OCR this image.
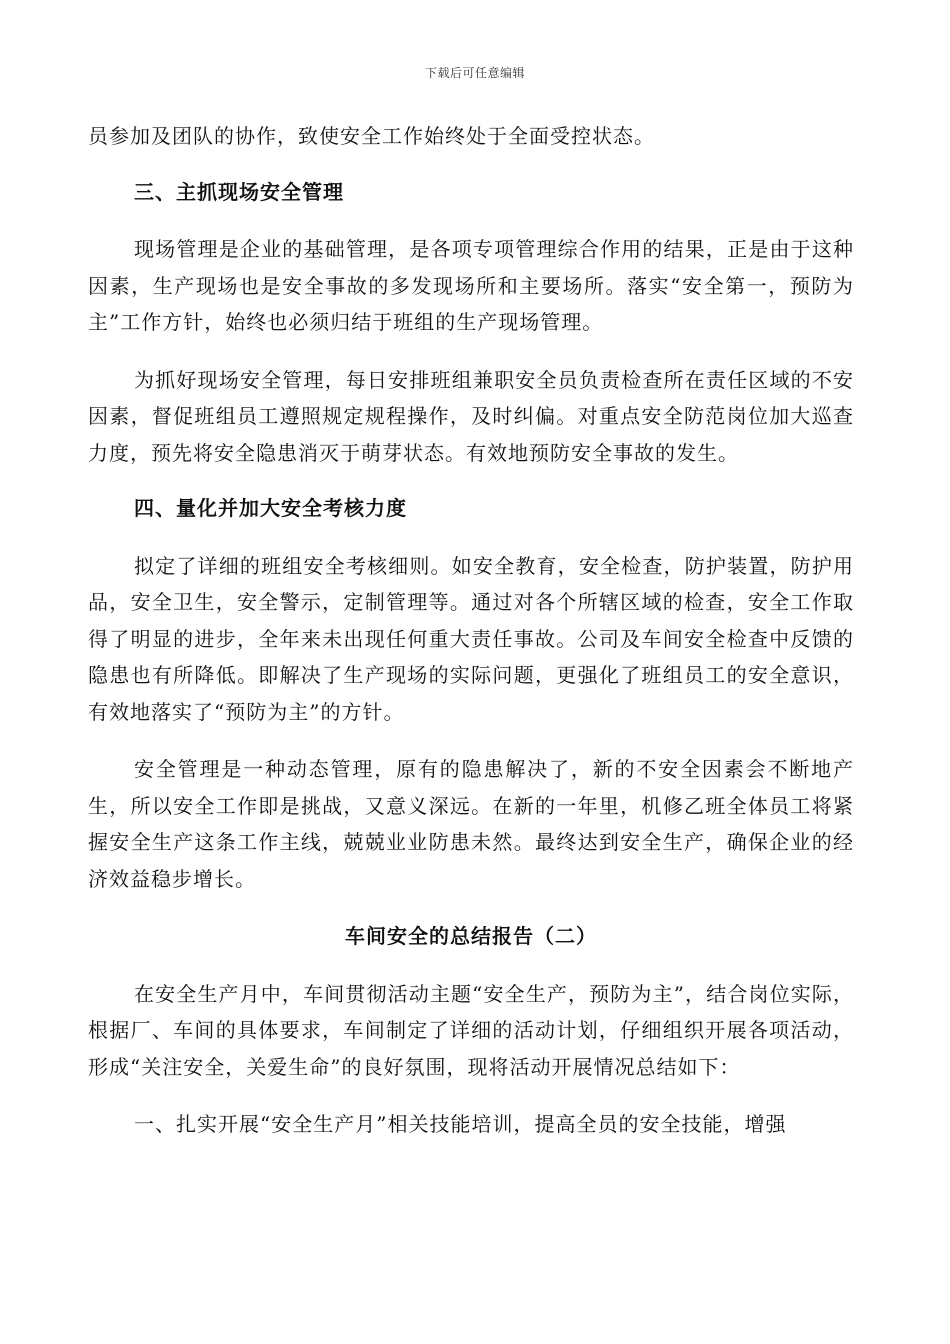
下载后可任意编辑

员参加及团队的协作，致使安全工作始终处于全面受控状态。

三、主抓现场安全管理

现场管理是企业的基础管理，是各项专项管理综合作用的结果，正是由于这种因素，生产现场也是安全事故的多发现场所和主要场所。落实“安全第一，预防为主”工作方针，始终也必须归结于班组的生产现场管理。

为抓好现场安全管理，每日安排班组兼职安全员负责检查所在责任区域的不安因素，督促班组员工遵照规定规程操作，及时纠偏。对重点安全防范岗位加大巡查力度，预先将安全隐患消灭于萌芽状态。有效地预防安全事故的发生。

四、量化并加大安全考核力度

拟定了详细的班组安全考核细则。如安全教育，安全检查，防护装置，防护用品，安全卫生，安全警示，定制管理等。通过对各个所辖区域的检查，安全工作取得了明显的进步，全年来未出现任何重大责任事故。公司及车间安全检查中反馈的隐患也有所降低。即解决了生产现场的实际问题，更强化了班组员工的安全意识，有效地落实了“预防为主”的方针。

安全管理是一种动态管理，原有的隐患解决了，新的不安全因素会不断地产生，所以安全工作即是挑战，又意义深远。在新的一年里，机修乙班全体员工将紧握安全生产这条工作主线，兢兢业业防患未然。最终达到安全生产，确保企业的经济效益稳步增长。

车间安全的总结报告（二）

在安全生产月中，车间贯彻活动主题“安全生产，预防为主”，结合岗位实际，根据厂、车间的具体要求，车间制定了详细的活动计划，仔细组织开展各项活动，形成“关注安全，关爱生命”的良好氛围，现将活动开展情况总结如下：

一、扎实开展“安全生产月”相关技能培训，提高全员的安全技能，增强
